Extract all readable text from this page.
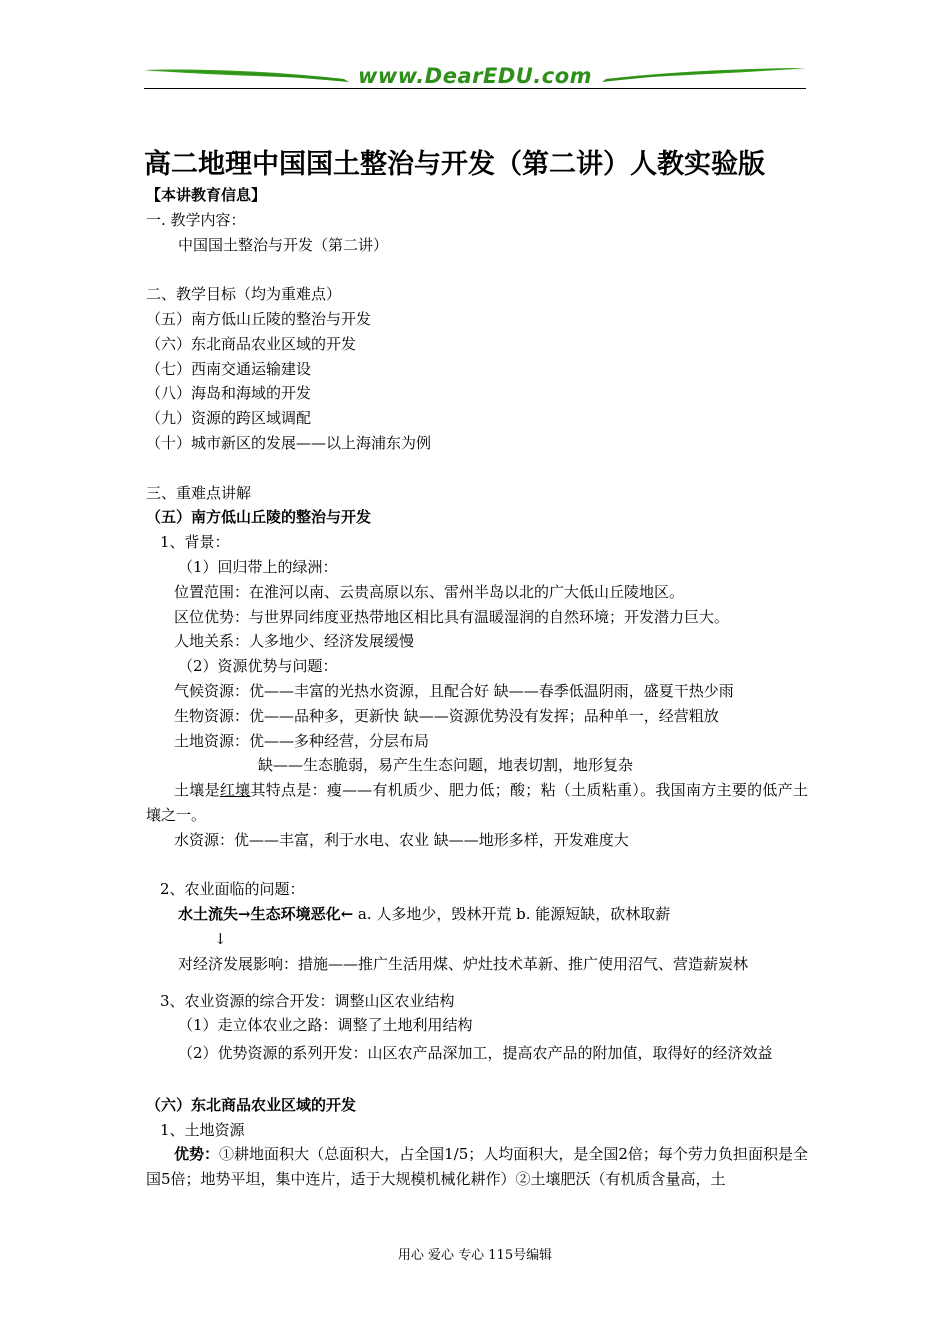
www.DearEDU.com
高二地理中国国土整治与开发（第二讲）人教实验版
【本讲教育信息】
一. 教学内容：
中国国土整治与开发（第二讲）
二、教学目标（均为重难点）
（五）南方低山丘陵的整治与开发
（六）东北商品农业区域的开发
（七）西南交通运输建设
（八）海岛和海域的开发
（九）资源的跨区域调配
（十）城市新区的发展——以上海浦东为例
三、重难点讲解
（五）南方低山丘陵的整治与开发
1、背景：
（1）回归带上的绿洲：
位置范围：在淮河以南、云贵高原以东、雷州半岛以北的广大低山丘陵地区。
区位优势：与世界同纬度亚热带地区相比具有温暖湿润的自然环境；开发潜力巨大。
人地关系：人多地少、经济发展缓慢
（2）资源优势与问题：
气候资源：优——丰富的光热水资源，且配合好 缺——春季低温阴雨，盛夏干热少雨
生物资源：优——品种多，更新快 缺——资源优势没有发挥；品种单一，经营粗放
土地资源：优——多种经营，分层布局
缺——生态脆弱，易产生生态问题，地表切割，地形复杂
土壤是红壤其特点是：瘦——有机质少、肥力低；酸；粘（土质粘重）。我国南方主要的低产土壤之一。
水资源：优——丰富，利于水电、农业 缺——地形多样，开发难度大
2、农业面临的问题：
水土流失→生态环境恶化← a. 人多地少，毁林开荒 b. 能源短缺，砍林取薪
↓
对经济发展影响：措施——推广生活用煤、炉灶技术革新、推广使用沼气、营造薪炭林
3、农业资源的综合开发：调整山区农业结构
（1）走立体农业之路：调整了土地利用结构
（2）优势资源的系列开发：山区农产品深加工，提高农产品的附加值，取得好的经济效益
（六）东北商品农业区域的开发
1、土地资源
优势：①耕地面积大（总面积大，占全国1/5；人均面积大，是全国2倍；每个劳力负担面积是全国5倍；地势平坦，集中连片，适于大规模机械化耕作）②土壤肥沃（有机质含量高，土
用心 爱心 专心 115号编辑
